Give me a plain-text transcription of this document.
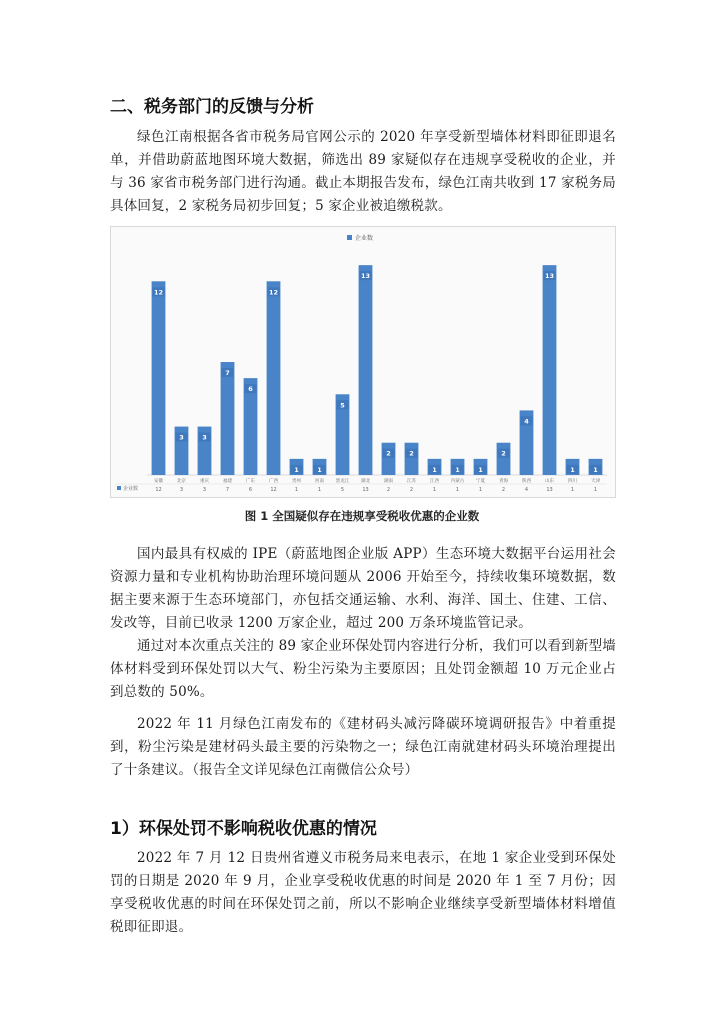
二、税务部门的反馈与分析

绿色江南根据各省市税务局官网公示的 2020 年享受新型墙体材料即征即退名单，并借助蔚蓝地图环境大数据，筛选出 89 家疑似存在违规享受税收的企业，并与 36 家省市税务部门进行沟通。截止本期报告发布，绿色江南共收到 17 家税务局具体回复，2 家税务局初步回复；5 家企业被追缴税款。

企业数
12
安徽
12
3
北京
3
3
重庆
3
7
福建
7
6
广东
6
12
广西
12
1
贵州
1
1
河南
1
5
黑龙江
5
13
湖北
13
2
湖南
2
2
江苏
2
1
江西
1
1
内蒙古
1
1
宁夏
1
2
青海
2
4
陕西
4
13
山东
13
1
四川
1
1
天津
1
企业数
图 1 全国疑似存在违规享受税收优惠的企业数

国内最具有权威的 IPE（蔚蓝地图企业版 APP）生态环境大数据平台运用社会资源力量和专业机构协助治理环境问题从 2006 开始至今，持续收集环境数据，数据主要来源于生态环境部门，亦包括交通运输、水利、海洋、国土、住建、工信、发改等，目前已收录 1200 万家企业，超过 200 万条环境监管记录。

通过对本次重点关注的 89 家企业环保处罚内容进行分析，我们可以看到新型墙体材料受到环保处罚以大气、粉尘污染为主要原因；且处罚金额超 10 万元企业占到总数的 50%。

2022 年 11 月绿色江南发布的《建材码头减污降碳环境调研报告》中着重提到，粉尘污染是建材码头最主要的污染物之一；绿色江南就建材码头环境治理提出了十条建议。（报告全文详见绿色江南微信公众号）

1）环保处罚不影响税收优惠的情况

2022 年 7 月 12 日贵州省遵义市税务局来电表示，在地 1 家企业受到环保处罚的日期是 2020 年 9 月，企业享受税收优惠的时间是 2020 年 1 至 7 月份；因享受税收优惠的时间在环保处罚之前，所以不影响企业继续享受新型墙体材料增值税即征即退。
